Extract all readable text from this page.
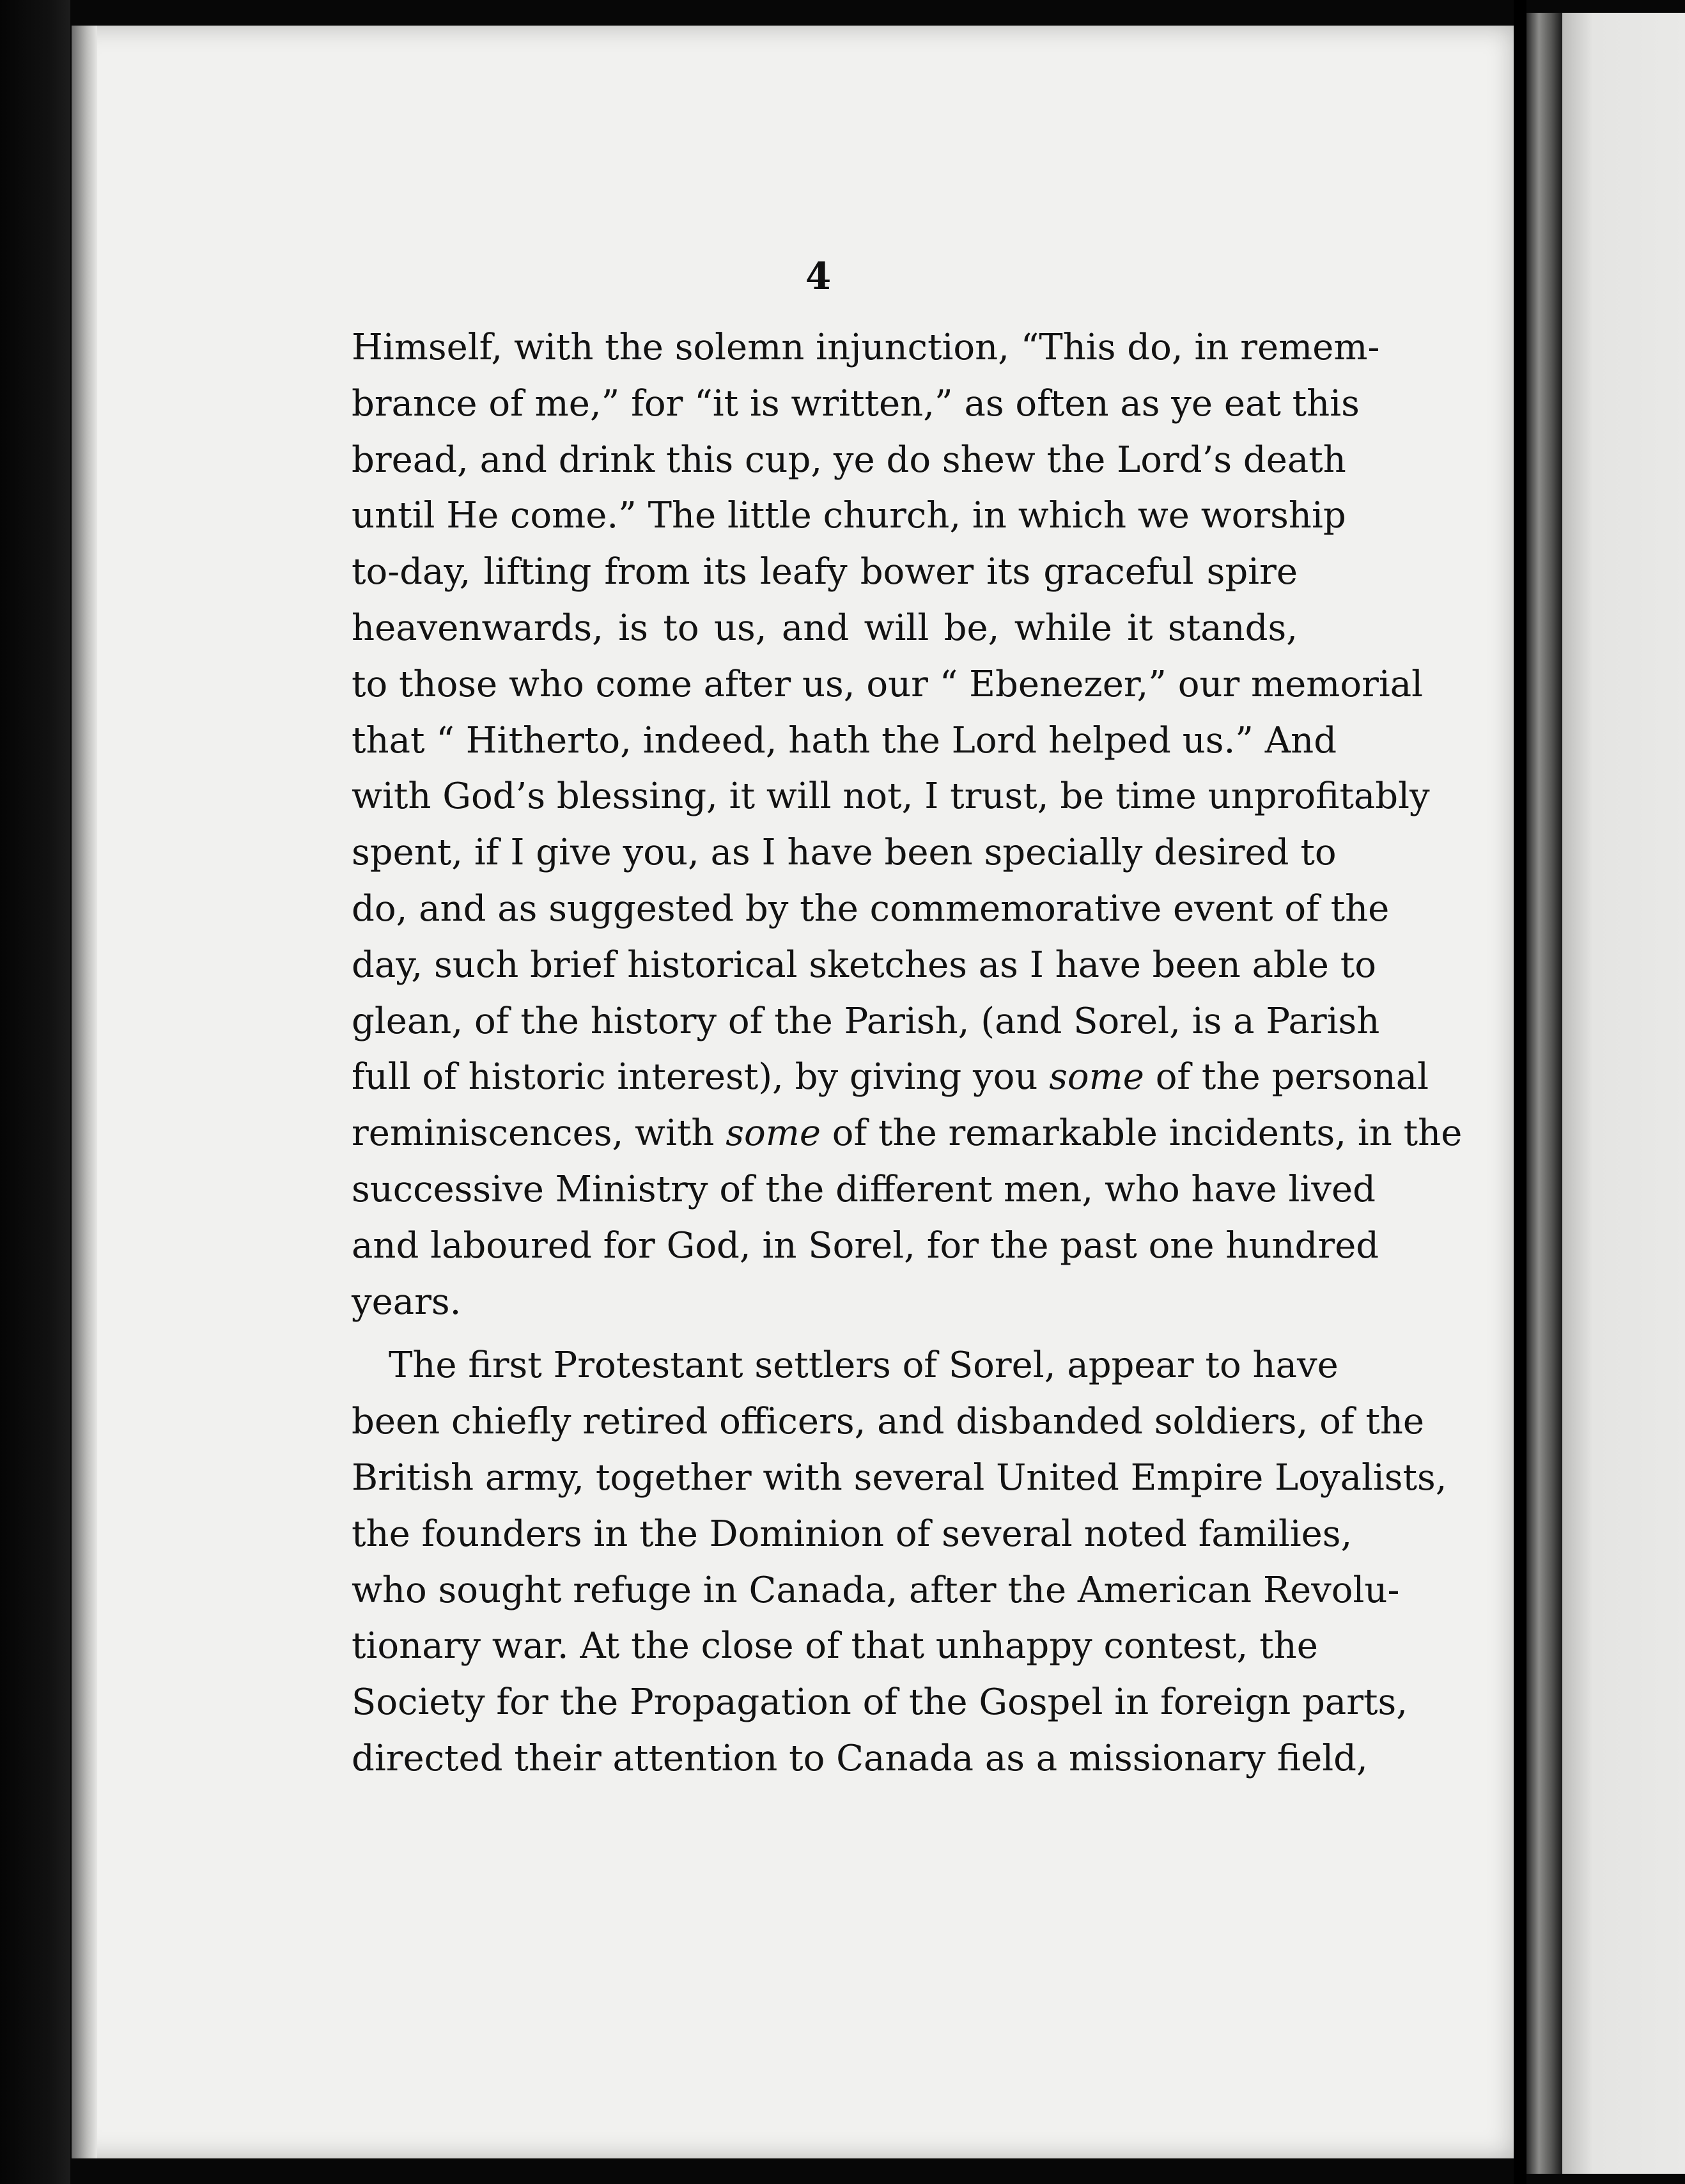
4
Himself, with the solemn injunction, “This do, in remem-
brance of me,” for “it is written,” as often as ye eat this
bread, and drink this cup, ye do shew the Lord’s death
until He come.” The little church, in which we worship
to-day, lifting from its leafy bower its graceful spire
heavenwards, is to us, and will be, while it stands,
to those who come after us, our “ Ebenezer,” our memorial
that “ Hitherto, indeed, hath the Lord helped us.” And
with God’s blessing, it will not, I trust, be time unprofitably
spent, if I give you, as I have been specially desired to
do, and as suggested by the commemorative event of the
day, such brief historical sketches as I have been able to
glean, of the history of the Parish, (and Sorel, is a Parish
full of historic interest), by giving you some of the personal
reminiscences, with some of the remarkable incidents, in the
successive Ministry of the different men, who have lived
and laboured for God, in Sorel, for the past one hundred
years.
The first Protestant settlers of Sorel, appear to have
been chiefly retired officers, and disbanded soldiers, of the
British army, together with several United Empire Loyalists,
the founders in the Dominion of several noted families,
who sought refuge in Canada, after the American Revolu-
tionary war. At the close of that unhappy contest, the
Society for the Propagation of the Gospel in foreign parts,
directed their attention to Canada as a missionary field,
